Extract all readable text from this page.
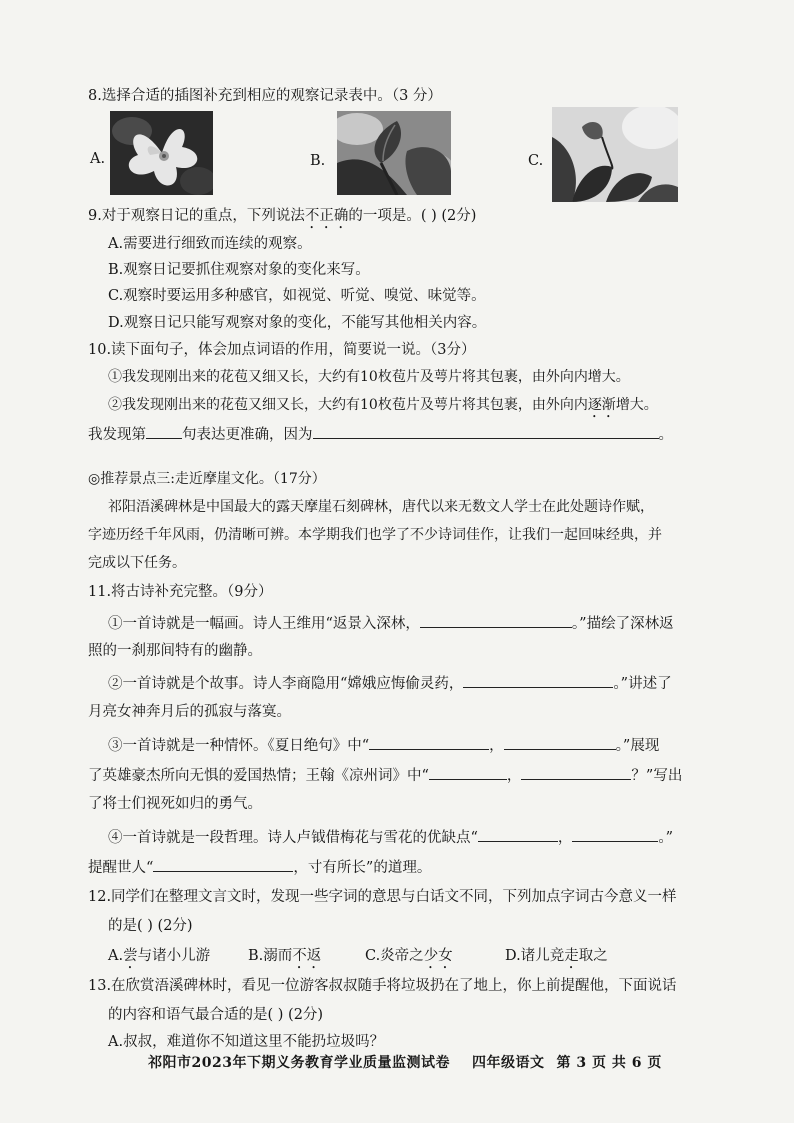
8.选择合适的插图补充到相应的观察记录表中。（3 分）
A.	B.	C.
9.对于观察日记的重点，下列说法不正确的一项是。( ) (2分)
A.需要进行细致而连续的观察。
B.观察日记要抓住观察对象的变化来写。
C.观察时要运用多种感官，如视觉、听觉、嗅觉、味觉等。
D.观察日记只能写观察对象的变化，不能写其他相关内容。
10.读下面句子，体会加点词语的作用，简要说一说。（3分）
①我发现刚出来的花苞又细又长，大约有10枚苞片及萼片将其包裹，由外向内增大。
②我发现刚出来的花苞又细又长，大约有10枚苞片及萼片将其包裹，由外向内逐渐增大。
我发现第 句表达更准确，因为	。
◎推荐景点三:走近摩崖文化。（17分）
祁阳浯溪碑林是中国最大的露天摩崖石刻碑林，唐代以来无数文人学士在此处题诗作赋，
字迹历经千年风雨，仍清晰可辨。本学期我们也学了不少诗词佳作，让我们一起回味经典，并
完成以下任务。
11.将古诗补充完整。（9分）
①一首诗就是一幅画。诗人王维用“返景入深林，	。”描绘了深林返
照的一刹那间特有的幽静。
②一首诗就是个故事。诗人李商隐用“嫦娥应悔偷灵药，	。”讲述了
月亮女神奔月后的孤寂与落寞。
③一首诗就是一种情怀。《夏日绝句》中“	，	。”展现
了英雄豪杰所向无惧的爱国热情；王翰《凉州词》中“	，	？”写出
了将士们视死如归的勇气。
④一首诗就是一段哲理。诗人卢钺借梅花与雪花的优缺点“	，	。”
提醒世人“	，寸有所长”的道理。
12.同学们在整理文言文时，发现一些字词的意思与白话文不同，下列加点字词古今意义一样
的是( ) (2分)
A.尝与诸小儿游	B.溺而不返	C.炎帝之少女	D.诸儿竞走取之
13.在欣赏浯溪碑林时，看见一位游客叔叔随手将垃圾扔在了地上，你上前提醒他，下面说话
的内容和语气最合适的是( ) (2分)
A.叔叔，难道你不知道这里不能扔垃圾吗？
祁阳市2023年下期义务教育学业质量监测试卷 四年级语文 第 3 页 共 6 页
